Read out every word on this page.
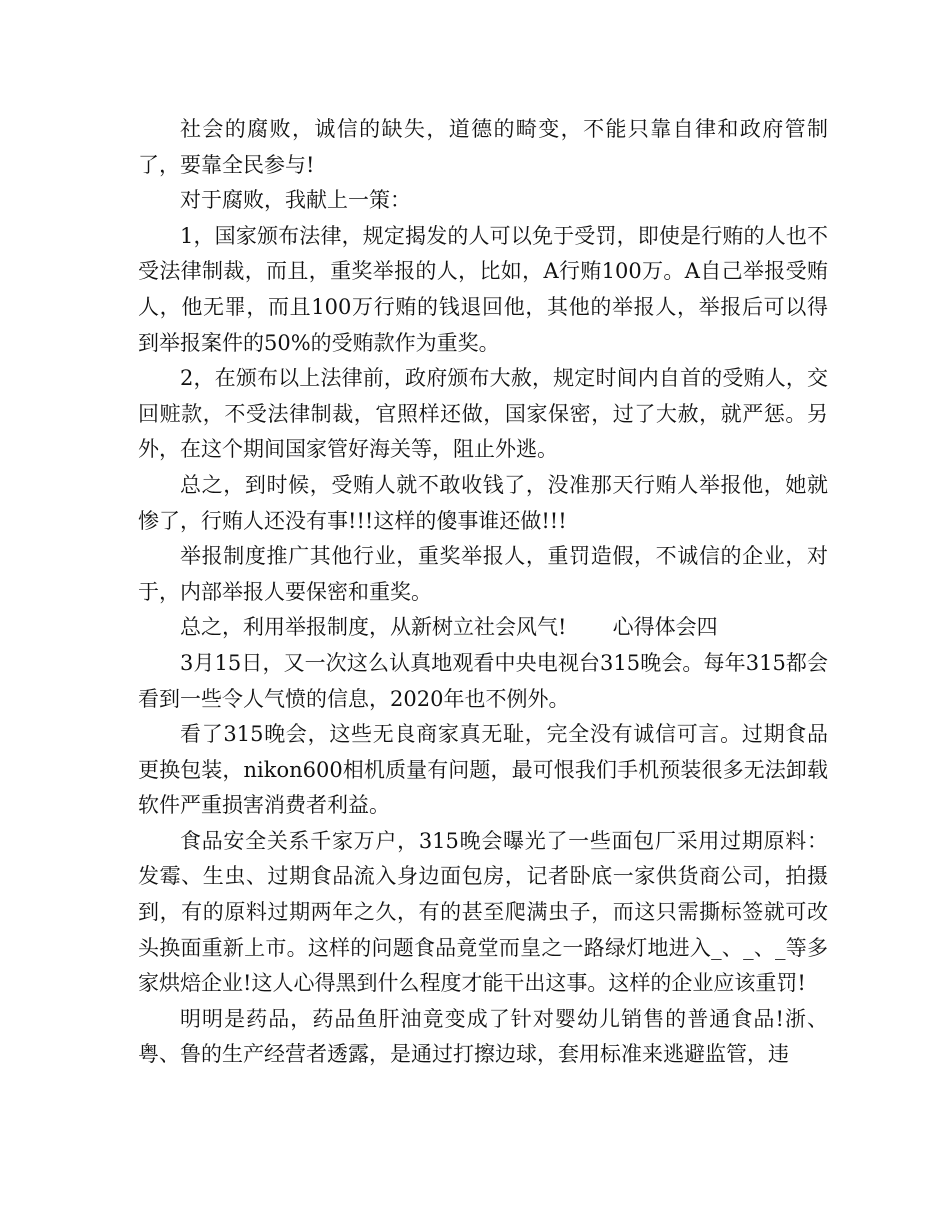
社会的腐败，诚信的缺失，道德的畸变，不能只靠自律和政府管制了，要靠全民参与!

对于腐败，我献上一策：

1，国家颁布法律，规定揭发的人可以免于受罚，即使是行贿的人也不受法律制裁，而且，重奖举报的人，比如，A行贿100万。A自己举报受贿人，他无罪，而且100万行贿的钱退回他，其他的举报人，举报后可以得到举报案件的50%的受贿款作为重奖。

2，在颁布以上法律前，政府颁布大赦，规定时间内自首的受贿人，交回赃款，不受法律制裁，官照样还做，国家保密，过了大赦，就严惩。另外，在这个期间国家管好海关等，阻止外逃。

总之，到时候，受贿人就不敢收钱了，没准那天行贿人举报他，她就惨了，行贿人还没有事!!!这样的傻事谁还做!!!

举报制度推广其他行业，重奖举报人，重罚造假，不诚信的企业，对于，内部举报人要保密和重奖。

总之，利用举报制度，从新树立社会风气! 心得体会四

3月15日，又一次这么认真地观看中央电视台315晚会。每年315都会看到一些令人气愤的信息，2020年也不例外。

看了315晚会，这些无良商家真无耻，完全没有诚信可言。过期食品更换包装，nikon600相机质量有问题，最可恨我们手机预装很多无法卸载软件严重损害消费者利益。

食品安全关系千家万户，315晚会曝光了一些面包厂采用过期原料：发霉、生虫、过期食品流入身边面包房，记者卧底一家供货商公司，拍摄到，有的原料过期两年之久，有的甚至爬满虫子，而这只需撕标签就可改头换面重新上市。这样的问题食品竟堂而皇之一路绿灯地进入_、_、_等多家烘焙企业!这人心得黑到什么程度才能干出这事。这样的企业应该重罚!

明明是药品，药品鱼肝油竟变成了针对婴幼儿销售的普通食品!浙、粤、鲁的生产经营者透露，是通过打擦边球，套用标准来逃避监管，违
